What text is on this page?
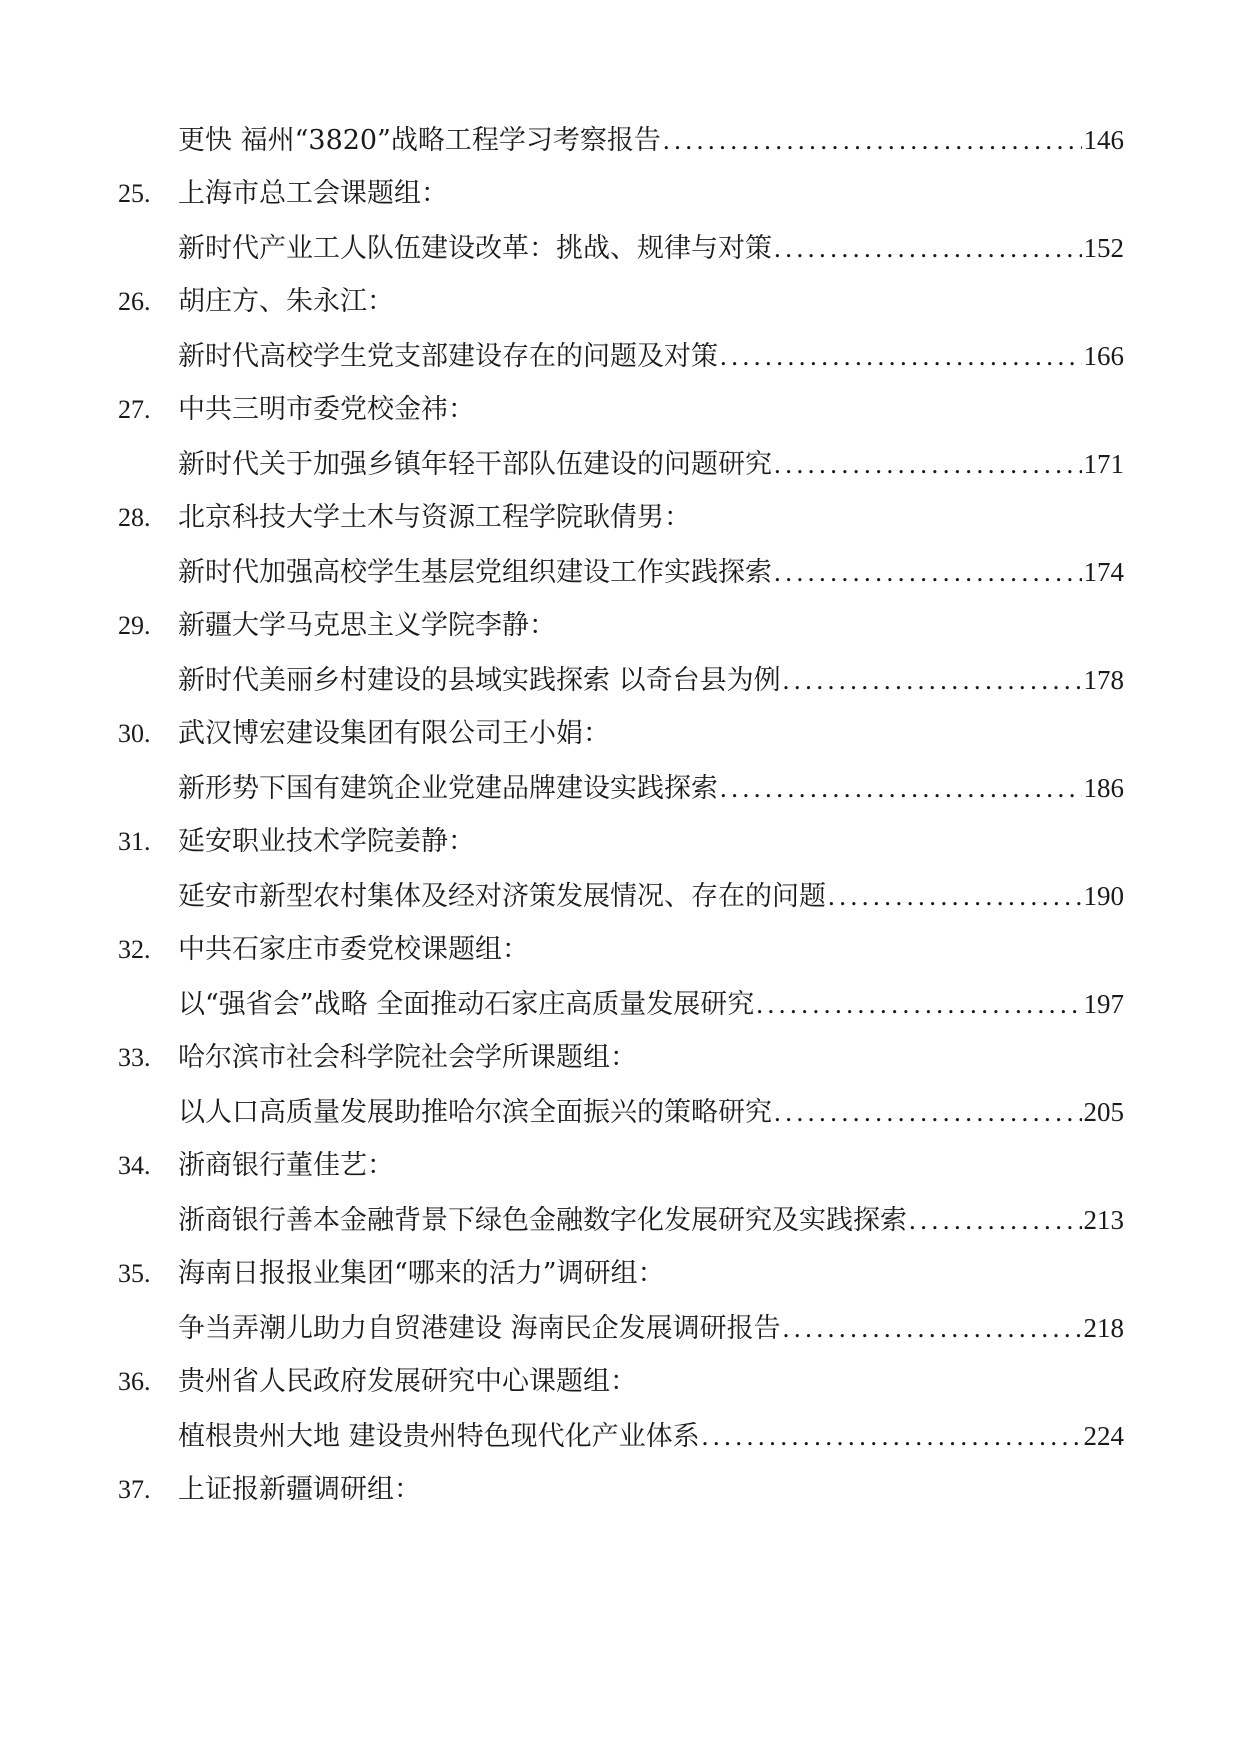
更快 福州“3820”战略工程学习考察报告 .....	146
25.	上海市总工会课题组：
新时代产业工人队伍建设改革：挑战、规律与对策 .....	152
26.	胡庄方、朱永江：
新时代高校学生党支部建设存在的问题及对策 .....	166
27.	中共三明市委党校金祎：
新时代关于加强乡镇年轻干部队伍建设的问题研究 .....	171
28.	北京科技大学土木与资源工程学院耿倩男：
新时代加强高校学生基层党组织建设工作实践探索 .....	174
29.	新疆大学马克思主义学院李静：
新时代美丽乡村建设的县域实践探索 以奇台县为例 .....	178
30.	武汉博宏建设集团有限公司王小娟：
新形势下国有建筑企业党建品牌建设实践探索 .....	186
31.	延安职业技术学院姜静：
延安市新型农村集体及经对济策发展情况、存在的问题 .....	190
32.	中共石家庄市委党校课题组：
以“强省会”战略 全面推动石家庄高质量发展研究 .....	197
33.	哈尔滨市社会科学院社会学所课题组：
以人口高质量发展助推哈尔滨全面振兴的策略研究 .....	205
34.	浙商银行董佳艺：
浙商银行善本金融背景下绿色金融数字化发展研究及实践探索 .....	213
35.	海南日报报业集团“哪来的活力”调研组：
争当弄潮儿助力自贸港建设 海南民企发展调研报告 .....	218
36.	贵州省人民政府发展研究中心课题组：
植根贵州大地 建设贵州特色现代化产业体系 .....	224
37.	上证报新疆调研组：
